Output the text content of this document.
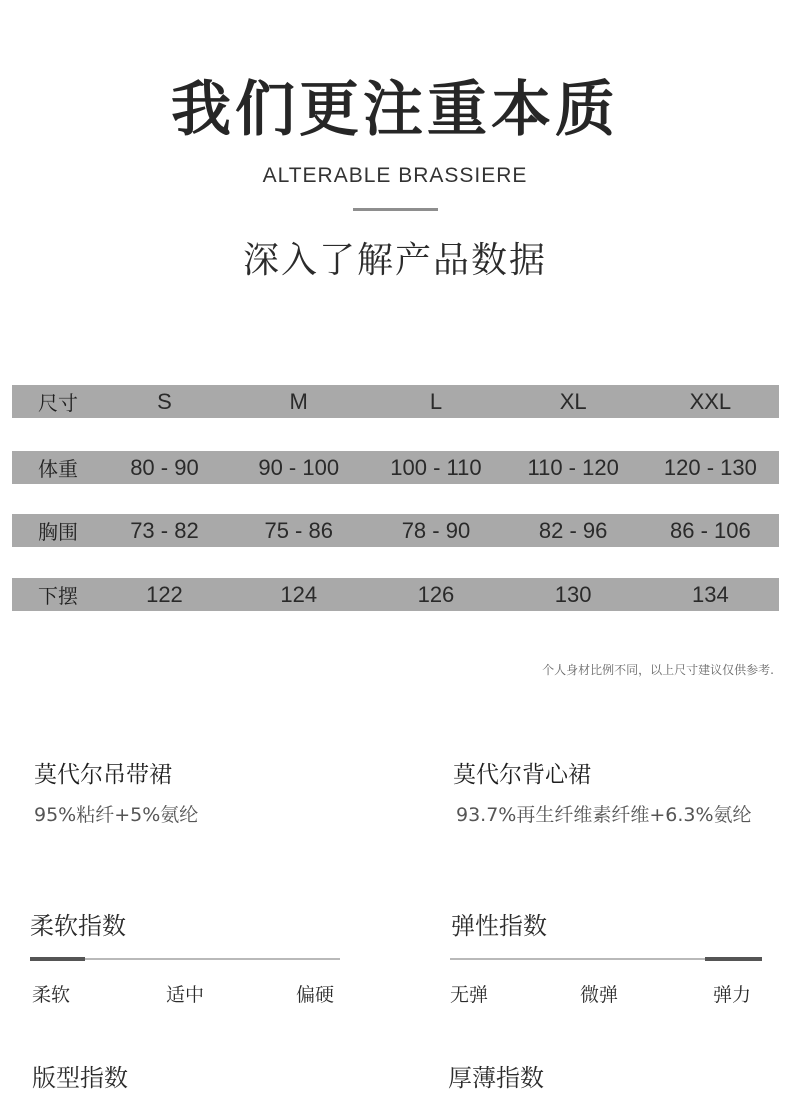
我们更注重本质
ALTERABLE BRASSIERE
深入了解产品数据
尺寸	S	M	L	XL	XXL
体重	80 - 90	90 - 100	100 - 110	110 - 120	120 - 130
胸围	73 - 82	75 - 86	78 - 90	82 - 96	86 - 106
下摆	122	124	126	130	134
个人身材比例不同，以上尺寸建议仅供参考.
莫代尔吊带裙
95%粘纤+5%氨纶
莫代尔背心裙
93.7%再生纤维素纤维+6.3%氨纶
柔软指数
柔软	适中	偏硬
弹性指数
无弹	微弹	弹力
版型指数	厚薄指数
